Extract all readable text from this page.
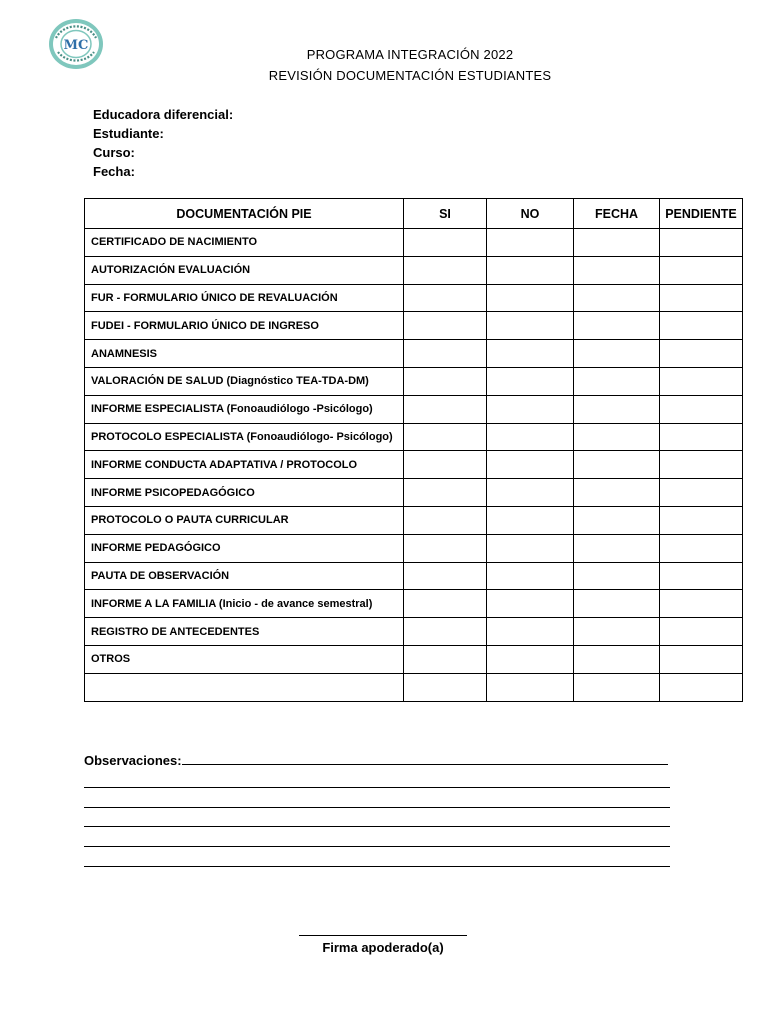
MC
PROGRAMA INTEGRACIÓN 2022
REVISIÓN DOCUMENTACIÓN ESTUDIANTES
Educadora diferencial:
Estudiante:
Curso:
Fecha:
DOCUMENTACIÓN PIE	SI	NO	FECHA	PENDIENTE
CERTIFICADO DE NACIMIENTO				
AUTORIZACIÓN EVALUACIÓN				
FUR - FORMULARIO ÚNICO DE REVALUACIÓN				
FUDEI - FORMULARIO ÚNICO DE INGRESO				
ANAMNESIS				
VALORACIÓN DE SALUD (Diagnóstico TEA-TDA-DM)				
INFORME ESPECIALISTA (Fonoaudiólogo -Psicólogo)				
PROTOCOLO ESPECIALISTA (Fonoaudiólogo- Psicólogo)				
INFORME CONDUCTA ADAPTATIVA / PROTOCOLO				
INFORME PSICOPEDAGÓGICO				
PROTOCOLO O PAUTA CURRICULAR				
INFORME PEDAGÓGICO				
PAUTA DE OBSERVACIÓN				
INFORME A LA FAMILIA (Inicio - de avance semestral)				
REGISTRO DE ANTECEDENTES				
OTROS				

Observaciones:
Firma apoderado(a)
